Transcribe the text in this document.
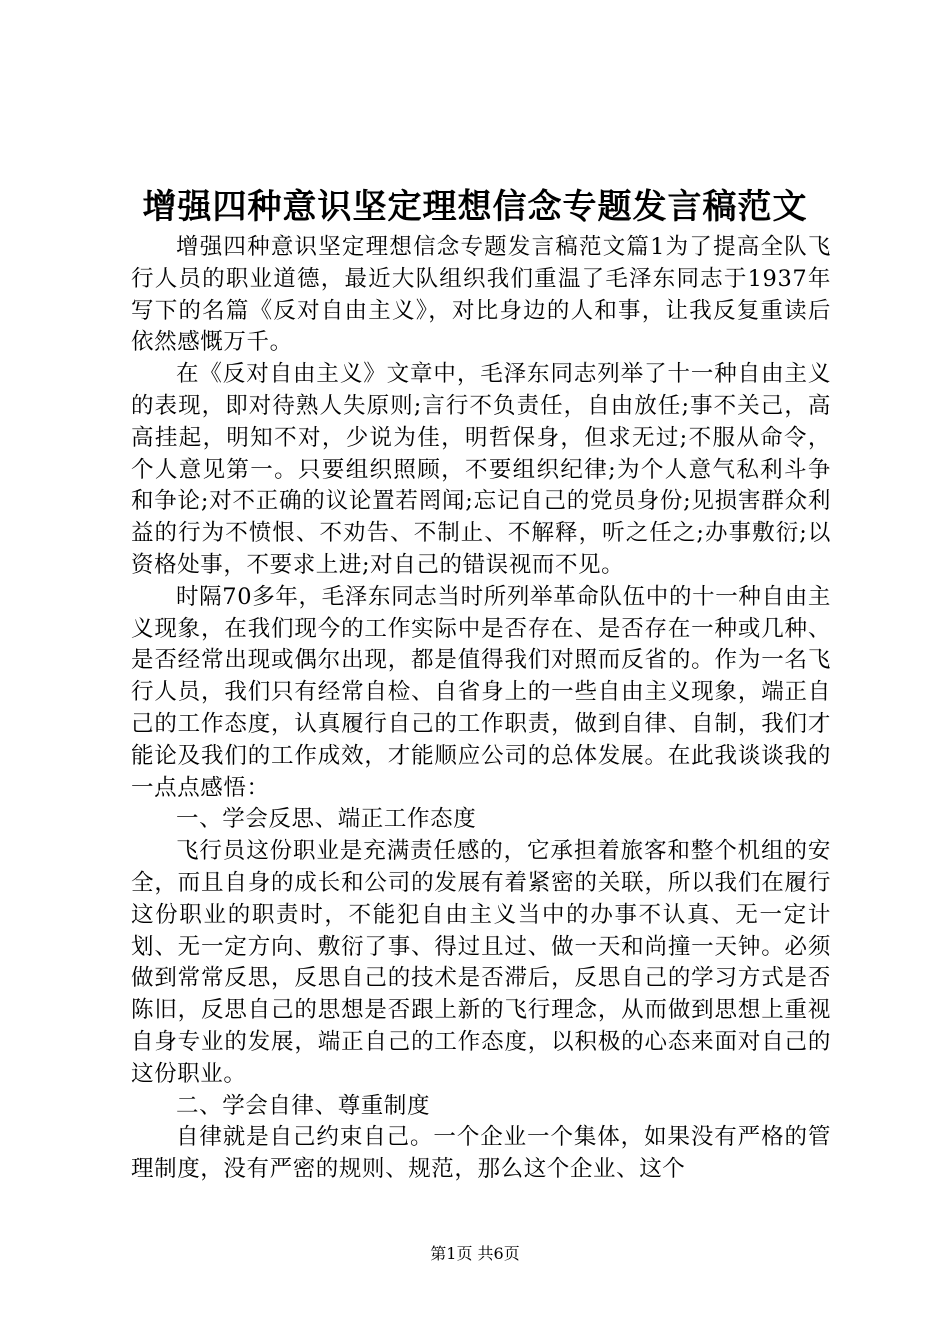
增强四种意识坚定理想信念专题发言稿范文

增强四种意识坚定理想信念专题发言稿范文篇1为了提高全队飞行人员的职业道德，最近大队组织我们重温了毛泽东同志于1937年写下的名篇《反对自由主义》，对比身边的人和事，让我反复重读后依然感慨万千。

在《反对自由主义》文章中，毛泽东同志列举了十一种自由主义的表现，即对待熟人失原则;言行不负责任，自由放任;事不关己，高高挂起，明知不对，少说为佳，明哲保身，但求无过;不服从命令，个人意见第一。只要组织照顾，不要组织纪律;为个人意气私利斗争和争论;对不正确的议论置若罔闻;忘记自己的党员身份;见损害群众利益的行为不愤恨、不劝告、不制止、不解释，听之任之;办事敷衍;以资格处事，不要求上进;对自己的错误视而不见。

时隔70多年，毛泽东同志当时所列举革命队伍中的十一种自由主义现象，在我们现今的工作实际中是否存在、是否存在一种或几种、是否经常出现或偶尔出现，都是值得我们对照而反省的。作为一名飞行人员，我们只有经常自检、自省身上的一些自由主义现象，端正自己的工作态度，认真履行自己的工作职责，做到自律、自制，我们才能论及我们的工作成效，才能顺应公司的总体发展。在此我谈谈我的一点点感悟：

一、学会反思、端正工作态度

飞行员这份职业是充满责任感的，它承担着旅客和整个机组的安全，而且自身的成长和公司的发展有着紧密的关联，所以我们在履行这份职业的职责时，不能犯自由主义当中的办事不认真、无一定计划、无一定方向、敷衍了事、得过且过、做一天和尚撞一天钟。必须做到常常反思，反思自己的技术是否滞后，反思自己的学习方式是否陈旧，反思自己的思想是否跟上新的飞行理念，从而做到思想上重视自身专业的发展，端正自己的工作态度，以积极的心态来面对自己的这份职业。

二、学会自律、尊重制度

自律就是自己约束自己。一个企业一个集体，如果没有严格的管理制度，没有严密的规则、规范，那么这个企业、这个

第1页 共6页
